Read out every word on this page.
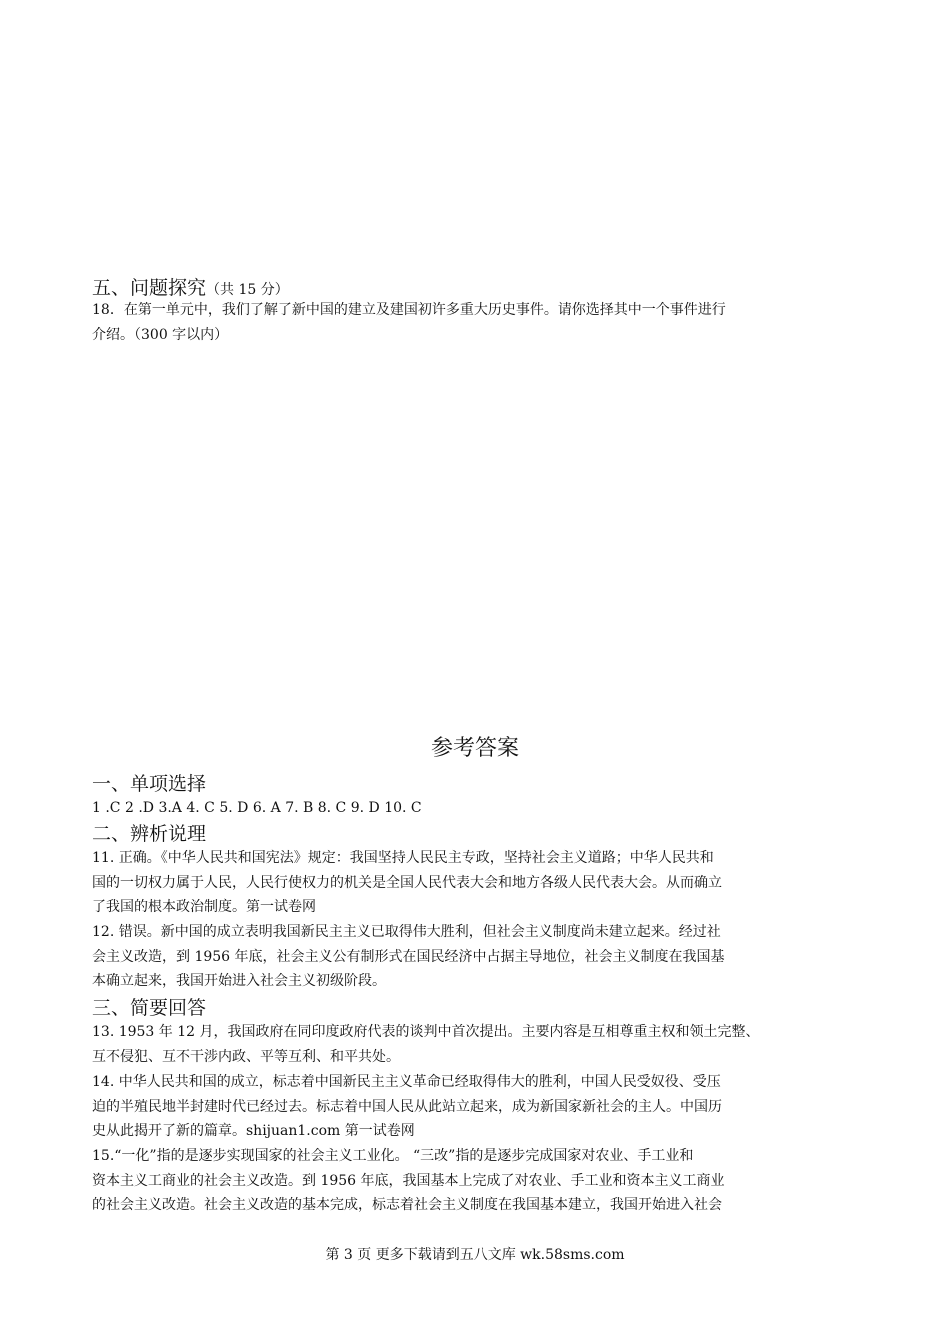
五、问题探究（共 15 分）
18．在第一单元中，我们了解了新中国的建立及建国初许多重大历史事件。请你选择其中一个事件进行
介绍。（300 字以内）
参考答案
一、单项选择
1 .C 2 .D 3.A 4. C 5. D 6. A 7. B 8. C 9. D 10. C
二、辨析说理
11. 正确。《中华人民共和国宪法》规定：我国坚持人民民主专政，坚持社会主义道路；中华人民共和
国的一切权力属于人民，人民行使权力的机关是全国人民代表大会和地方各级人民代表大会。从而确立
了我国的根本政治制度。第一试卷网
12. 错误。新中国的成立表明我国新民主主义已取得伟大胜利，但社会主义制度尚未建立起来。经过社
会主义改造，到 1956 年底，社会主义公有制形式在国民经济中占据主导地位，社会主义制度在我国基
本确立起来，我国开始进入社会主义初级阶段。
三、简要回答
13. 1953 年 12 月，我国政府在同印度政府代表的谈判中首次提出。主要内容是互相尊重主权和领土完整、
互不侵犯、互不干涉内政、平等互利、和平共处。
14. 中华人民共和国的成立，标志着中国新民主主义革命已经取得伟大的胜利，中国人民受奴役、受压
迫的半殖民地半封建时代已经过去。标志着中国人民从此站立起来，成为新国家新社会的主人。中国历
史从此揭开了新的篇章。shijuan1.com 第一试卷网
15.“一化”指的是逐步实现国家的社会主义工业化。 “三改”指的是逐步完成国家对农业、手工业和
资本主义工商业的社会主义改造。到 1956 年底，我国基本上完成了对农业、手工业和资本主义工商业
的社会主义改造。社会主义改造的基本完成，标志着社会主义制度在我国基本建立，我国开始进入社会
第 3 页 更多下载请到五八文库 wk.58sms.com
